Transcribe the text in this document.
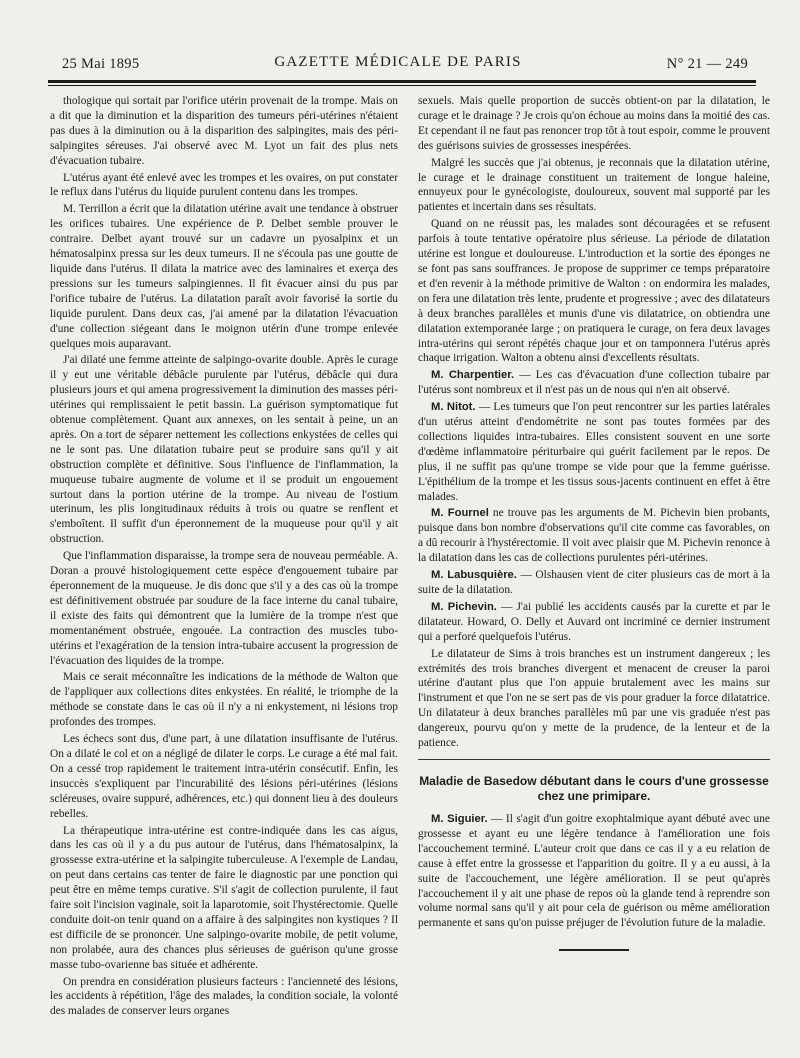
25 Mai 1895	GAZETTE MÉDICALE DE PARIS	N° 21 — 249

thologique qui sortait par l'orifice utérin provenait de la trompe. Mais on a dit que la diminution et la disparition des tumeurs péri-utérines n'étaient pas dues à la diminution ou à la disparition des salpingites, mais des péri-salpingites séreuses. J'ai observé avec M. Lyot un fait des plus nets d'évacuation tubaire.

L'utérus ayant été enlevé avec les trompes et les ovaires, on put constater le reflux dans l'utérus du liquide purulent contenu dans les trompes.

M. Terrillon a écrit que la dilatation utérine avait une tendance à obstruer les orifices tubaires. Une expérience de P. Delbet semble prouver le contraire. Delbet ayant trouvé sur un cadavre un pyosalpinx et un hématosalpinx pressa sur les deux tumeurs. Il ne s'écoula pas une goutte de liquide dans l'utérus. Il dilata la matrice avec des laminaires et exerça des pressions sur les tumeurs salpingiennes. Il fit évacuer ainsi du pus par l'orifice tubaire de l'utérus. La dilatation paraît avoir favorisé la sortie du liquide purulent. Dans deux cas, j'ai amené par la dilatation l'évacuation d'une collection siégeant dans le moignon utérin d'une trompe enlevée quelques mois auparavant.

J'ai dilaté une femme atteinte de salpingo-ovarite double. Après le curage il y eut une véritable débâcle purulente par l'utérus, débâcle qui dura plusieurs jours et qui amena progressivement la diminution des masses péri-utérines qui remplissaient le petit bassin. La guérison symptomatique fut obtenue complètement. Quant aux annexes, on les sentait à peine, un an après. On a tort de séparer nettement les collections enkystées de celles qui ne le sont pas. Une dilatation tubaire peut se produire sans qu'il y ait obstruction complète et définitive. Sous l'influence de l'inflammation, la muqueuse tubaire augmente de volume et il se produit un engouement surtout dans la portion utérine de la trompe. Au niveau de l'ostium uterinum, les plis longitudinaux réduits à trois ou quatre se renflent et s'emboîtent. Il suffit d'un éperonnement de la muqueuse pour qu'il y ait obstruction.

Que l'inflammation disparaisse, la trompe sera de nouveau perméable. A. Doran a prouvé histologiquement cette espèce d'engouement tubaire par éperonnement de la muqueuse. Je dis donc que s'il y a des cas où la trompe est définitivement obstruée par soudure de la face interne du canal tubaire, il existe des faits qui démontrent que la lumière de la trompe n'est que momentanément obstruée, engouée. La contraction des muscles tubo-utérins et l'exagération de la tension intra-tubaire accusent la progression de l'évacuation des liquides de la trompe.

Mais ce serait méconnaître les indications de la méthode de Walton que de l'appliquer aux collections dites enkystées. En réalité, le triomphe de la méthode se constate dans le cas où il n'y a ni enkystement, ni lésions trop profondes des trompes.

Les échecs sont dus, d'une part, à une dilatation insuffisante de l'utérus. On a dilaté le col et on a négligé de dilater le corps. Le curage a été mal fait. On a cessé trop rapidement le traitement intra-utérin consécutif. Enfin, les insuccès s'expliquent par l'incurabilité des lésions péri-utérines (lésions scléreuses, ovaire suppuré, adhérences, etc.) qui donnent lieu à des douleurs rebelles.

La thérapeutique intra-utérine est contre-indiquée dans les cas aigus, dans les cas où il y a du pus autour de l'utérus, dans l'hématosalpinx, la grossesse extra-utérine et la salpingite tuberculeuse. A l'exemple de Landau, on peut dans certains cas tenter de faire le diagnostic par une ponction qui peut être en même temps curative. S'il s'agit de collection purulente, il faut faire soit l'incision vaginale, soit la laparotomie, soit l'hystérectomie. Quelle conduite doit-on tenir quand on a affaire à des salpingites non kystiques ? Il est difficile de se prononcer. Une salpingo-ovarite mobile, de petit volume, non prolabée, aura des chances plus sérieuses de guérison qu'une grosse masse tubo-ovarienne bas située et adhérente.

On prendra en considération plusieurs facteurs : l'ancienneté des lésions, les accidents à répétition, l'âge des malades, la condition sociale, la volonté des malades de conserver leurs organes

sexuels. Mais quelle proportion de succès obtient-on par la dilatation, le curage et le drainage ? Je crois qu'on échoue au moins dans la moitié des cas. Et cependant il ne faut pas renoncer trop tôt à tout espoir, comme le prouvent des guérisons suivies de grossesses inespérées.

Malgré les succès que j'ai obtenus, je reconnais que la dilatation utérine, le curage et le drainage constituent un traitement de longue haleine, ennuyeux pour le gynécologiste, douloureux, souvent mal supporté par les patientes et incertain dans ses résultats.

Quand on ne réussit pas, les malades sont découragées et se refusent parfois à toute tentative opératoire plus sérieuse. La période de dilatation utérine est longue et douloureuse. L'introduction et la sortie des éponges ne se font pas sans souffrances. Je propose de supprimer ce temps préparatoire et d'en revenir à la méthode primitive de Walton : on endormira les malades, on fera une dilatation très lente, prudente et progressive ; avec des dilatateurs à deux branches parallèles et munis d'une vis dilatatrice, on obtiendra une dilatation extemporanée large ; on pratiquera le curage, on fera deux lavages intra-utérins qui seront répétés chaque jour et on tamponnera l'utérus après chaque irrigation. Walton a obtenu ainsi d'excellents résultats.

M. Charpentier. — Les cas d'évacuation d'une collection tubaire par l'utérus sont nombreux et il n'est pas un de nous qui n'en ait observé.

M. Nitot. — Les tumeurs que l'on peut rencontrer sur les parties latérales d'un utérus atteint d'endométrite ne sont pas toutes formées par des collections liquides intra-tubaires. Elles consistent souvent en une sorte d'œdème inflammatoire périturbaire qui guérit facilement par le repos. De plus, il ne suffit pas qu'une trompe se vide pour que la femme guérisse. L'épithélium de la trompe et les tissus sous-jacents continuent en effet à être malades.

M. Fournel ne trouve pas les arguments de M. Pichevin bien probants, puisque dans bon nombre d'observations qu'il cite comme cas favorables, on a dû recourir à l'hystérectomie. Il voit avec plaisir que M. Pichevin renonce à la dilatation dans les cas de collections purulentes péri-utérines.

M. Labusquière. — Olshausen vient de citer plusieurs cas de mort à la suite de la dilatation.

M. Pichevin. — J'ai publié les accidents causés par la curette et par le dilatateur. Howard, O. Delly et Auvard ont incriminé ce dernier instrument qui a perforé quelquefois l'utérus.

Le dilatateur de Sims à trois branches est un instrument dangereux ; les extrémités des trois branches divergent et menacent de creuser la paroi utérine d'autant plus que l'on appuie brutalement avec les mains sur l'instrument et que l'on ne se sert pas de vis pour graduer la force dilatatrice. Un dilatateur à deux branches parallèles mû par une vis graduée n'est pas dangereux, pourvu qu'on y mette de la prudence, de la lenteur et de la patience.

Maladie de Basedow débutant dans le cours d'une grossesse chez une primipare.

M. Siguier. — Il s'agit d'un goitre exophtalmique ayant débuté avec une grossesse et ayant eu une légère tendance à l'amélioration une fois l'accouchement terminé. L'auteur croit que dans ce cas il y a eu relation de cause à effet entre la grossesse et l'apparition du goitre. Il y a eu aussi, à la suite de l'accouchement, une légère amélioration. Il se peut qu'après l'accouchement il y ait une phase de repos où la glande tend à reprendre son volume normal sans qu'il y ait pour cela de guérison ou même amélioration permanente et sans qu'on puisse préjuger de l'évolution future de la maladie.
